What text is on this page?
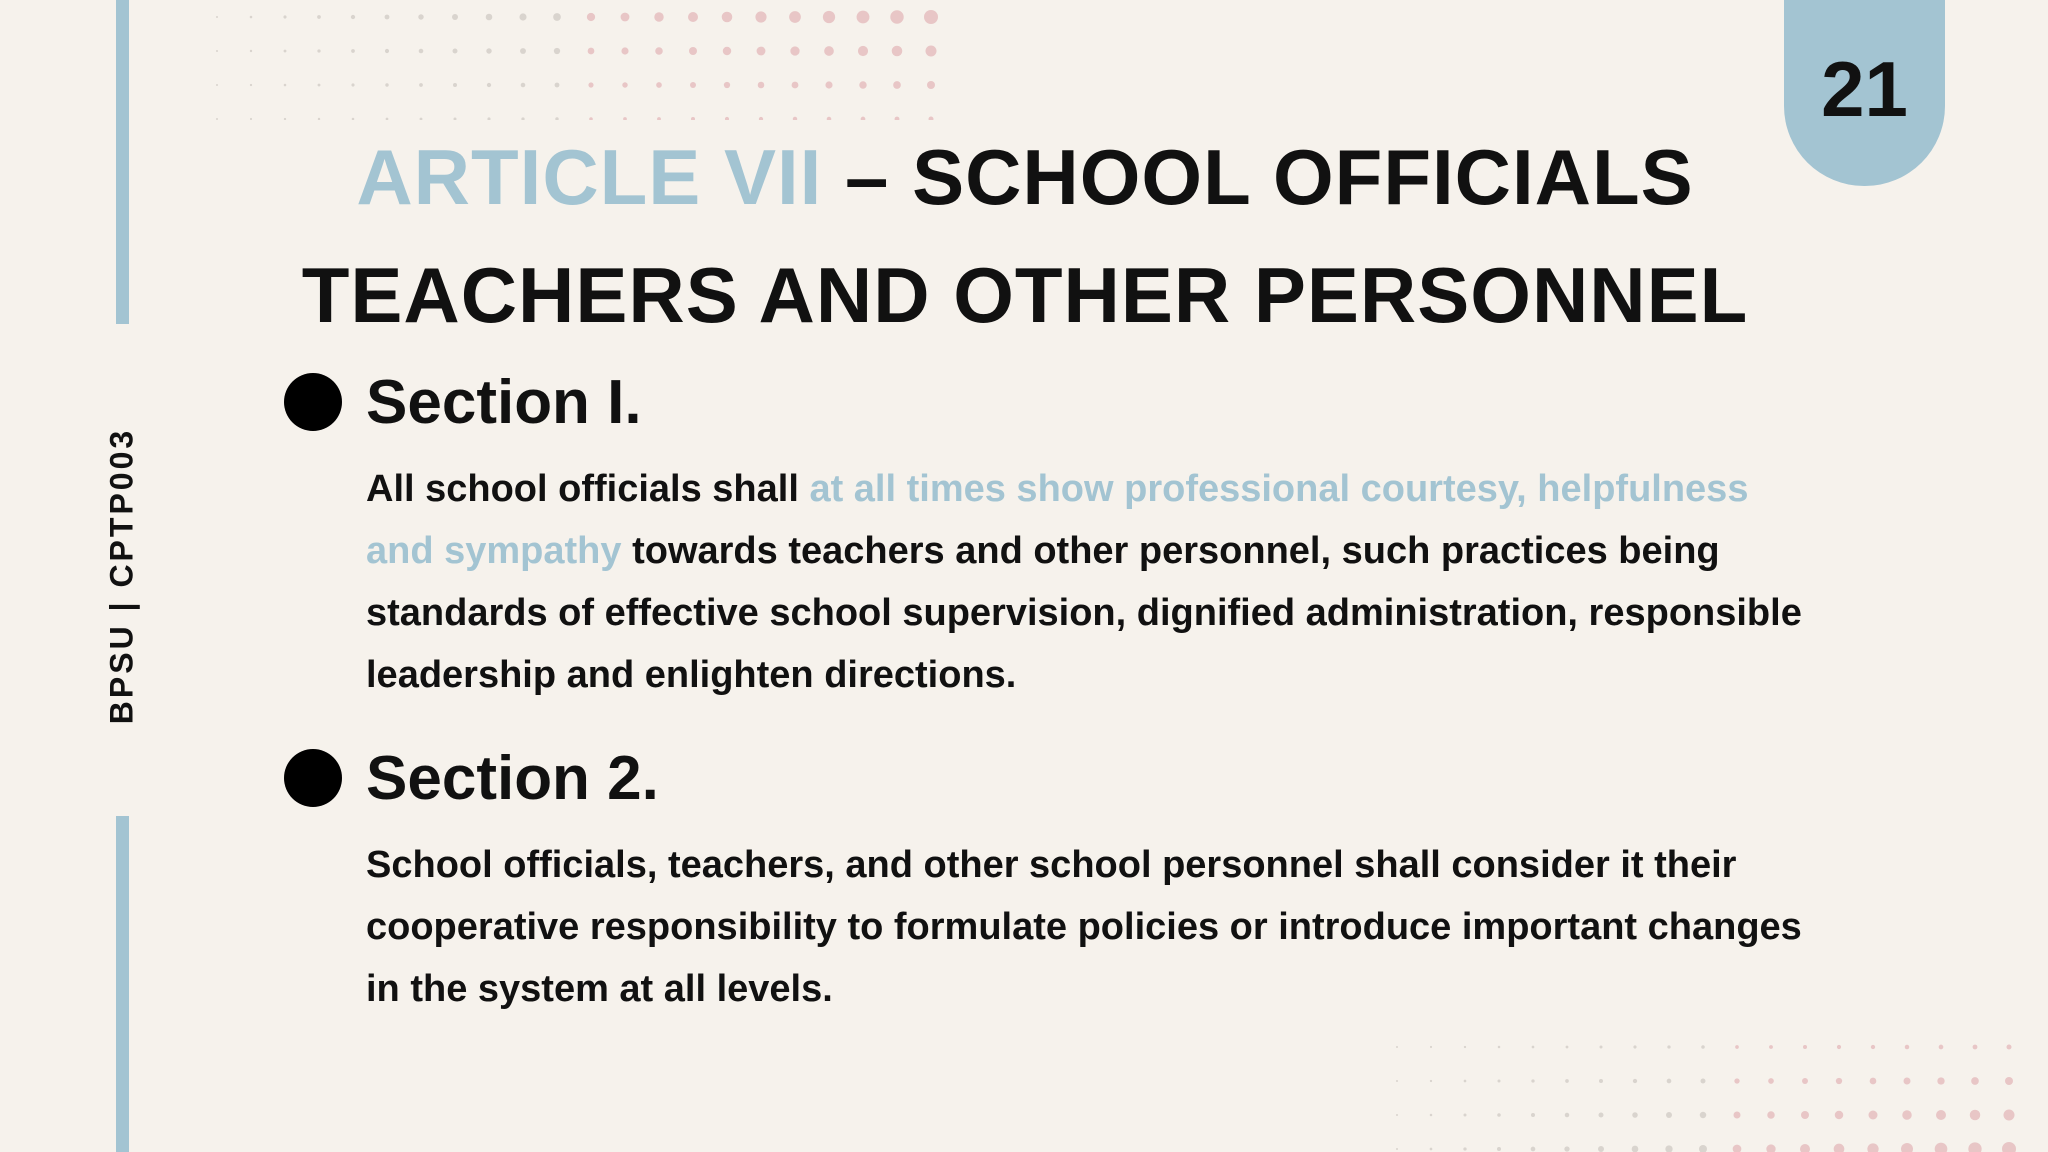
BPSU | CPTP003
21
ARTICLE VII – SCHOOL OFFICIALS
TEACHERS AND OTHER PERSONNEL
Section I.
All school officials shall at all times show professional courtesy, helpfulness and sympathy towards teachers and other personnel, such practices being standards of effective school supervision, dignified administration, responsible leadership and enlighten directions.
Section 2.
School officials, teachers, and other school personnel shall consider it their cooperative responsibility to formulate policies or introduce important changes in the system at all levels.
